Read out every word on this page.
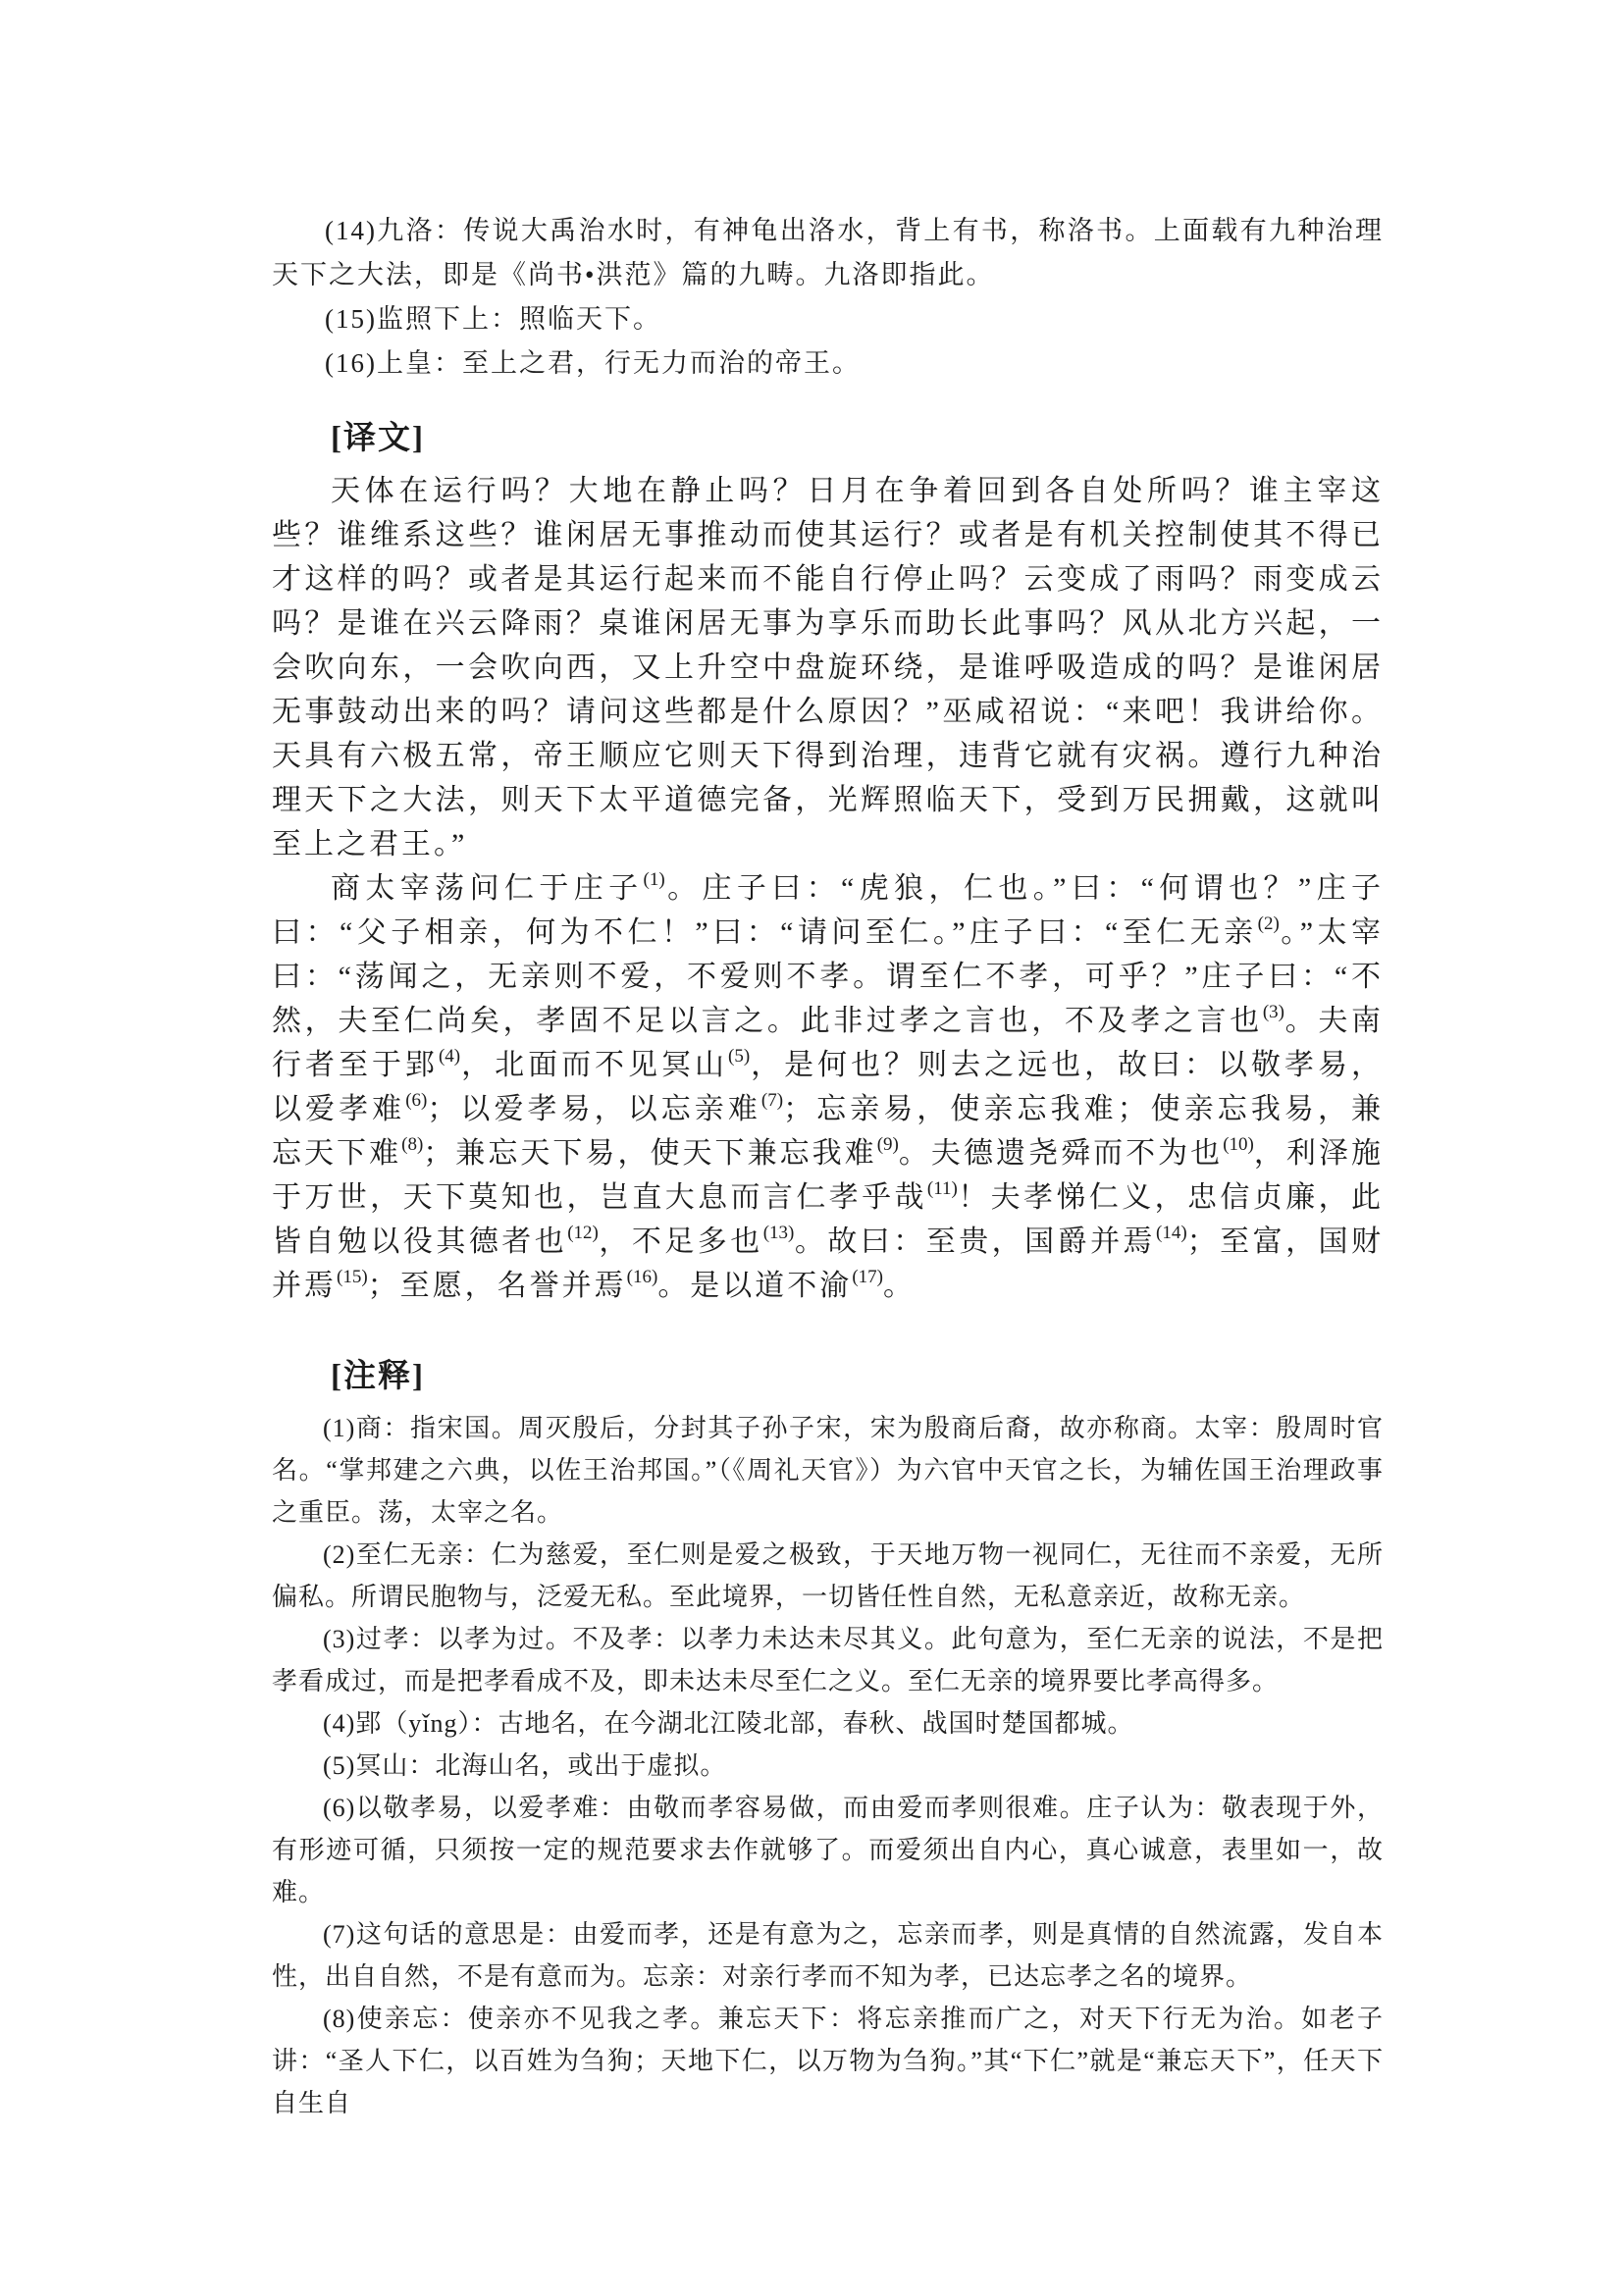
(14)九洛：传说大禹治水时，有神龟出洛水，背上有书，称洛书。上面载有九种治理天下之大法，即是《尚书•洪范》篇的九畴。九洛即指此。

(15)监照下上：照临天下。

(16)上皇：至上之君，行无力而治的帝王。

[译文]

天体在运行吗？大地在静止吗？日月在争着回到各自处所吗？谁主宰这些？谁维系这些？谁闲居无事推动而使其运行？或者是有机关控制使其不得已才这样的吗？或者是其运行起来而不能自行停止吗？云变成了雨吗？雨变成云吗？是谁在兴云降雨？桌谁闲居无事为享乐而助长此事吗？风从北方兴起，一会吹向东，一会吹向西，又上升空中盘旋环绕，是谁呼吸造成的吗？是谁闲居无事鼓动出来的吗？请问这些都是什么原因？”巫咸祒说：“来吧！我讲给你。天具有六极五常，帝王顺应它则天下得到治理，违背它就有灾祸。遵行九种治理天下之大法，则天下太平道德完备，光辉照临天下，受到万民拥戴，这就叫至上之君王。”

商太宰荡问仁于庄子$^{(1)}$。庄子曰：“虎狼，仁也。”曰：“何谓也？”庄子曰：“父子相亲，何为不仁！”曰：“请问至仁。”庄子曰：“至仁无亲$^{(2)}$。”太宰曰：“荡闻之，无亲则不爱，不爱则不孝。谓至仁不孝，可乎？”庄子曰：“不然，夫至仁尚矣，孝固不足以言之。此非过孝之言也，不及孝之言也$^{(3)}$。夫南行者至于郢$^{(4)}$，北面而不见冥山$^{(5)}$，是何也？则去之远也，故曰：以敬孝易，以爱孝难$^{(6)}$；以爱孝易，以忘亲难$^{(7)}$；忘亲易，使亲忘我难；使亲忘我易，兼忘天下难$^{(8)}$；兼忘天下易，使天下兼忘我难$^{(9)}$。夫德遗尧舜而不为也$^{(10)}$，利泽施于万世，天下莫知也，岂直大息而言仁孝乎哉$^{(11)}$！夫孝悌仁义，忠信贞廉，此皆自勉以役其德者也$^{(12)}$，不足多也$^{(13)}$。故曰：至贵，国爵并焉$^{(14)}$；至富，国财并焉$^{(15)}$；至愿，名誉并焉$^{(16)}$。是以道不渝$^{(17)}$。

[注释]

(1)商：指宋国。周灭殷后，分封其子孙子宋，宋为殷商后裔，故亦称商。太宰：殷周时官名。“掌邦建之六典，以佐王治邦国。”（《周礼天官》）为六官中天官之长，为辅佐国王治理政事之重臣。荡，太宰之名。

(2)至仁无亲：仁为慈爱，至仁则是爱之极致，于天地万物一视同仁，无往而不亲爱，无所偏私。所谓民胞物与，泛爱无私。至此境界，一切皆任性自然，无私意亲近，故称无亲。

(3)过孝：以孝为过。不及孝：以孝力未达未尽其义。此句意为，至仁无亲的说法，不是把孝看成过，而是把孝看成不及，即未达未尽至仁之义。至仁无亲的境界要比孝高得多。

(4)郢（yǐng）：古地名，在今湖北江陵北部，春秋、战国时楚国都城。

(5)冥山：北海山名，或出于虚拟。

(6)以敬孝易，以爱孝难：由敬而孝容易做，而由爱而孝则很难。庄子认为：敬表现于外，有形迹可循，只须按一定的规范要求去作就够了。而爱须出自内心，真心诚意，表里如一，故难。

(7)这句话的意思是：由爱而孝，还是有意为之，忘亲而孝，则是真情的自然流露，发自本性，出自自然，不是有意而为。忘亲：对亲行孝而不知为孝，已达忘孝之名的境界。

(8)使亲忘：使亲亦不见我之孝。兼忘天下：将忘亲推而广之，对天下行无为治。如老子讲：“圣人下仁，以百姓为刍狗；天地下仁，以万物为刍狗。”其“下仁”就是“兼忘天下”，任天下自生自
